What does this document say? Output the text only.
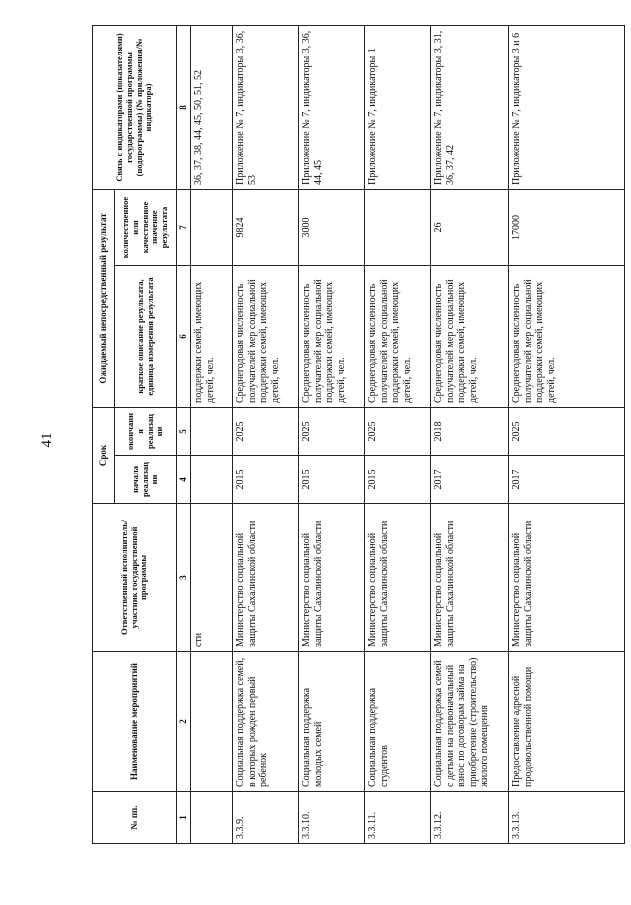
41
№ пп.	Наименование мероприятий	Ответственный исполнитель/участник государственной программы	Срок		Ожидаемый непосредственный результат		Связь с индикаторами (показателями) государственной программы (подпрограммы) (№ приложения/№ индикатора)
			начала реализации	окончания реализации	краткое описание результата, единица измерения результата	количественное или качественное значение результата	
1	2	3	4	5	6	7	8
		сти			поддержки семей, имеющих детей, чел.		36, 37, 38, 44, 45, 50, 51, 52
3.3.9.	Социальная поддержка семей, в которых рожден первый ребенок	Министерство социальной защиты Сахалинской области	2015	2025	Среднегодовая численность получателей мер социальной поддержки семей, имеющих детей, чел.	9824	Приложение № 7, индикаторы 3, 36, 53
3.3.10.	Социальная поддержка молодых семей	Министерство социальной защиты Сахалинской области	2015	2025	Среднегодовая численность получателей мер социальной поддержки семей, имеющих детей, чел.	3000	Приложение № 7, индикаторы 3, 36, 44, 45
3.3.11.	Социальная поддержка студентов	Министерство социальной защиты Сахалинской области	2015	2025	Среднегодовая численность получателей мер социальной поддержки семей, имеющих детей, чел.		Приложение № 7, индикаторы 1
3.3.12.	Социальная поддержка семей с детьми на первоначальный взнос по договорам займа на приобретение (строительство) жилого помещения	Министерство социальной защиты Сахалинской области	2017	2018	Среднегодовая численность получателей мер социальной поддержки семей, имеющих детей, чел.	26	Приложение № 7, индикаторы 3, 31, 36, 37, 42
3.3.13.	Предоставление адресной продовольственной помощи	Министерство социальной защиты Сахалинской области	2017	2025	Среднегодовая численность получателей мер социальной поддержки семей, имеющих детей, чел.	17000	Приложение № 7, индикаторы 3 и 6
